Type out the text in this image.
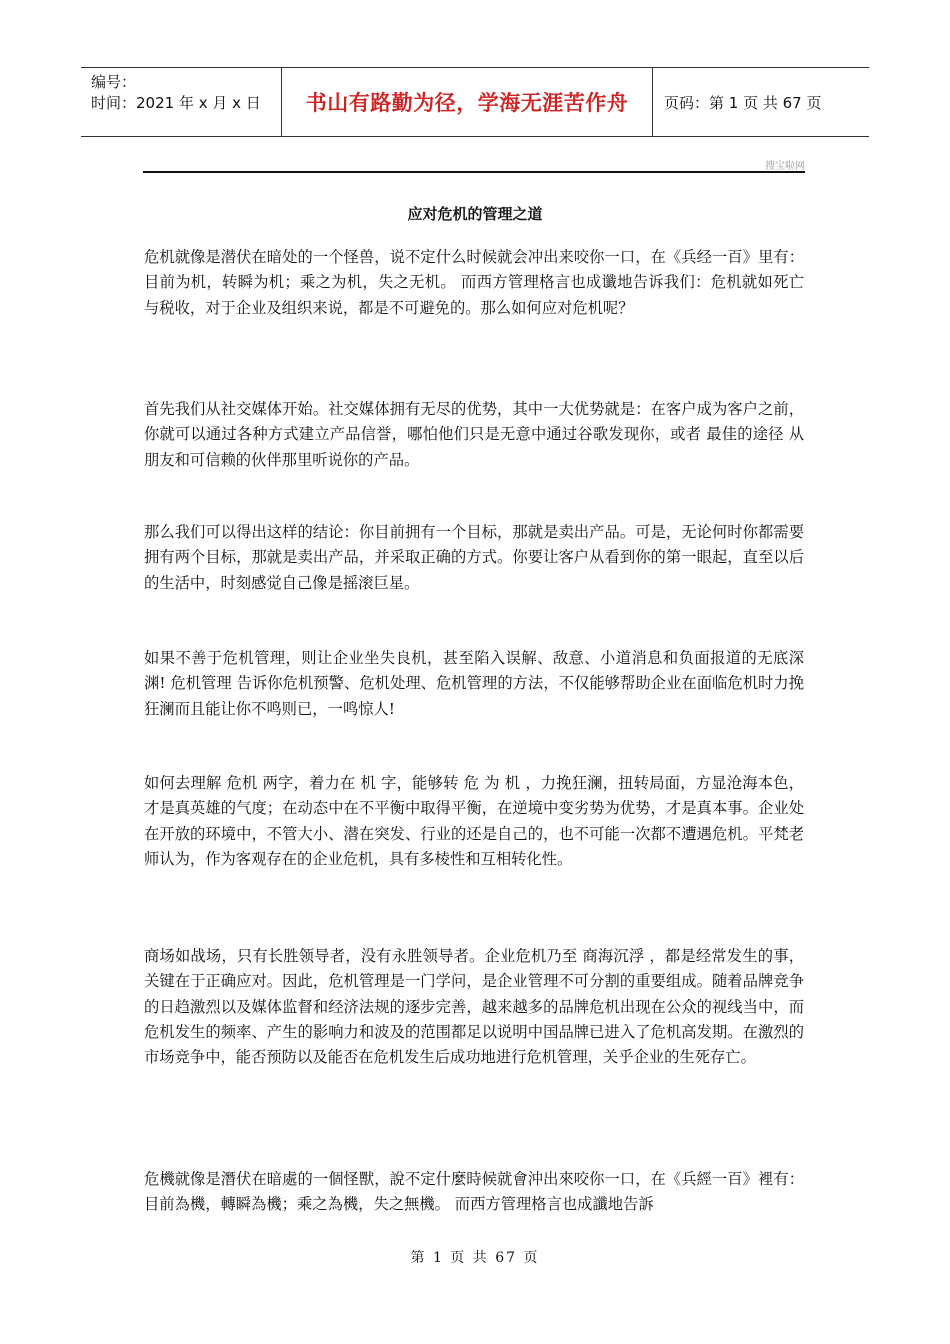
编号：
时间：2021 年 x 月 x 日 书山有路勤为径，学海无涯苦作舟	页码：第 1 页 共 67 页
搜宝啦网
应对危机的管理之道

危机就像是潜伏在暗处的一个怪兽，说不定什么时候就会冲出来咬你一口，在《兵经一百》里有： 目前为机，转瞬为机；乘之为机，失之无机。 而西方管理格言也成谶地告诉我们：危机就如死亡与税收，对于企业及组织来说，都是不可避免的。那么如何应对危机呢？

首先我们从社交媒体开始。社交媒体拥有无尽的优势，其中一大优势就是：在客户成为客户之前，你就可以通过各种方式建立产品信誉，哪怕他们只是无意中通过谷歌发现你，或者 最佳的途径 从朋友和可信赖的伙伴那里听说你的产品。

那么我们可以得出这样的结论：你目前拥有一个目标，那就是卖出产品。可是，无论何时你都需要拥有两个目标，那就是卖出产品，并采取正确的方式。你要让客户从看到你的第一眼起，直至以后的生活中，时刻感觉自己像是摇滚巨星。

如果不善于危机管理，则让企业坐失良机，甚至陷入误解、敌意、小道消息和负面报道的无底深渊! 危机管理 告诉你危机预警、危机处理、危机管理的方法，不仅能够帮助企业在面临危机时力挽狂澜而且能让你不鸣则已，一鸣惊人!

如何去理解 危机 两字，着力在 机 字，能够转 危 为 机 ，力挽狂澜，扭转局面，方显沧海本色，才是真英雄的气度；在动态中在不平衡中取得平衡，在逆境中变劣势为优势，才是真本事。企业处在开放的环境中，不管大小、潜在突发、行业的还是自己的，也不可能一次都不遭遇危机。平梵老师认为，作为客观存在的企业危机，具有多棱性和互相转化性。

商场如战场，只有长胜领导者，没有永胜领导者。企业危机乃至 商海沉浮 ，都是经常发生的事，关键在于正确应对。因此，危机管理是一门学问，是企业管理不可分割的重要组成。随着品牌竞争的日趋激烈以及媒体监督和经济法规的逐步完善，越来越多的品牌危机出现在公众的视线当中，而危机发生的频率、产生的影响力和波及的范围都足以说明中国品牌已进入了危机高发期。在激烈的市场竞争中，能否预防以及能否在危机发生后成功地进行危机管理，关乎企业的生死存亡。

危機就像是潛伏在暗處的一個怪獸，說不定什麼時候就會沖出來咬你一口，在《兵經一百》裡有： 目前為機，轉瞬為機；乘之為機，失之無機。 而西方管理格言也成讖地告訴

第 1 页 共 67 页
